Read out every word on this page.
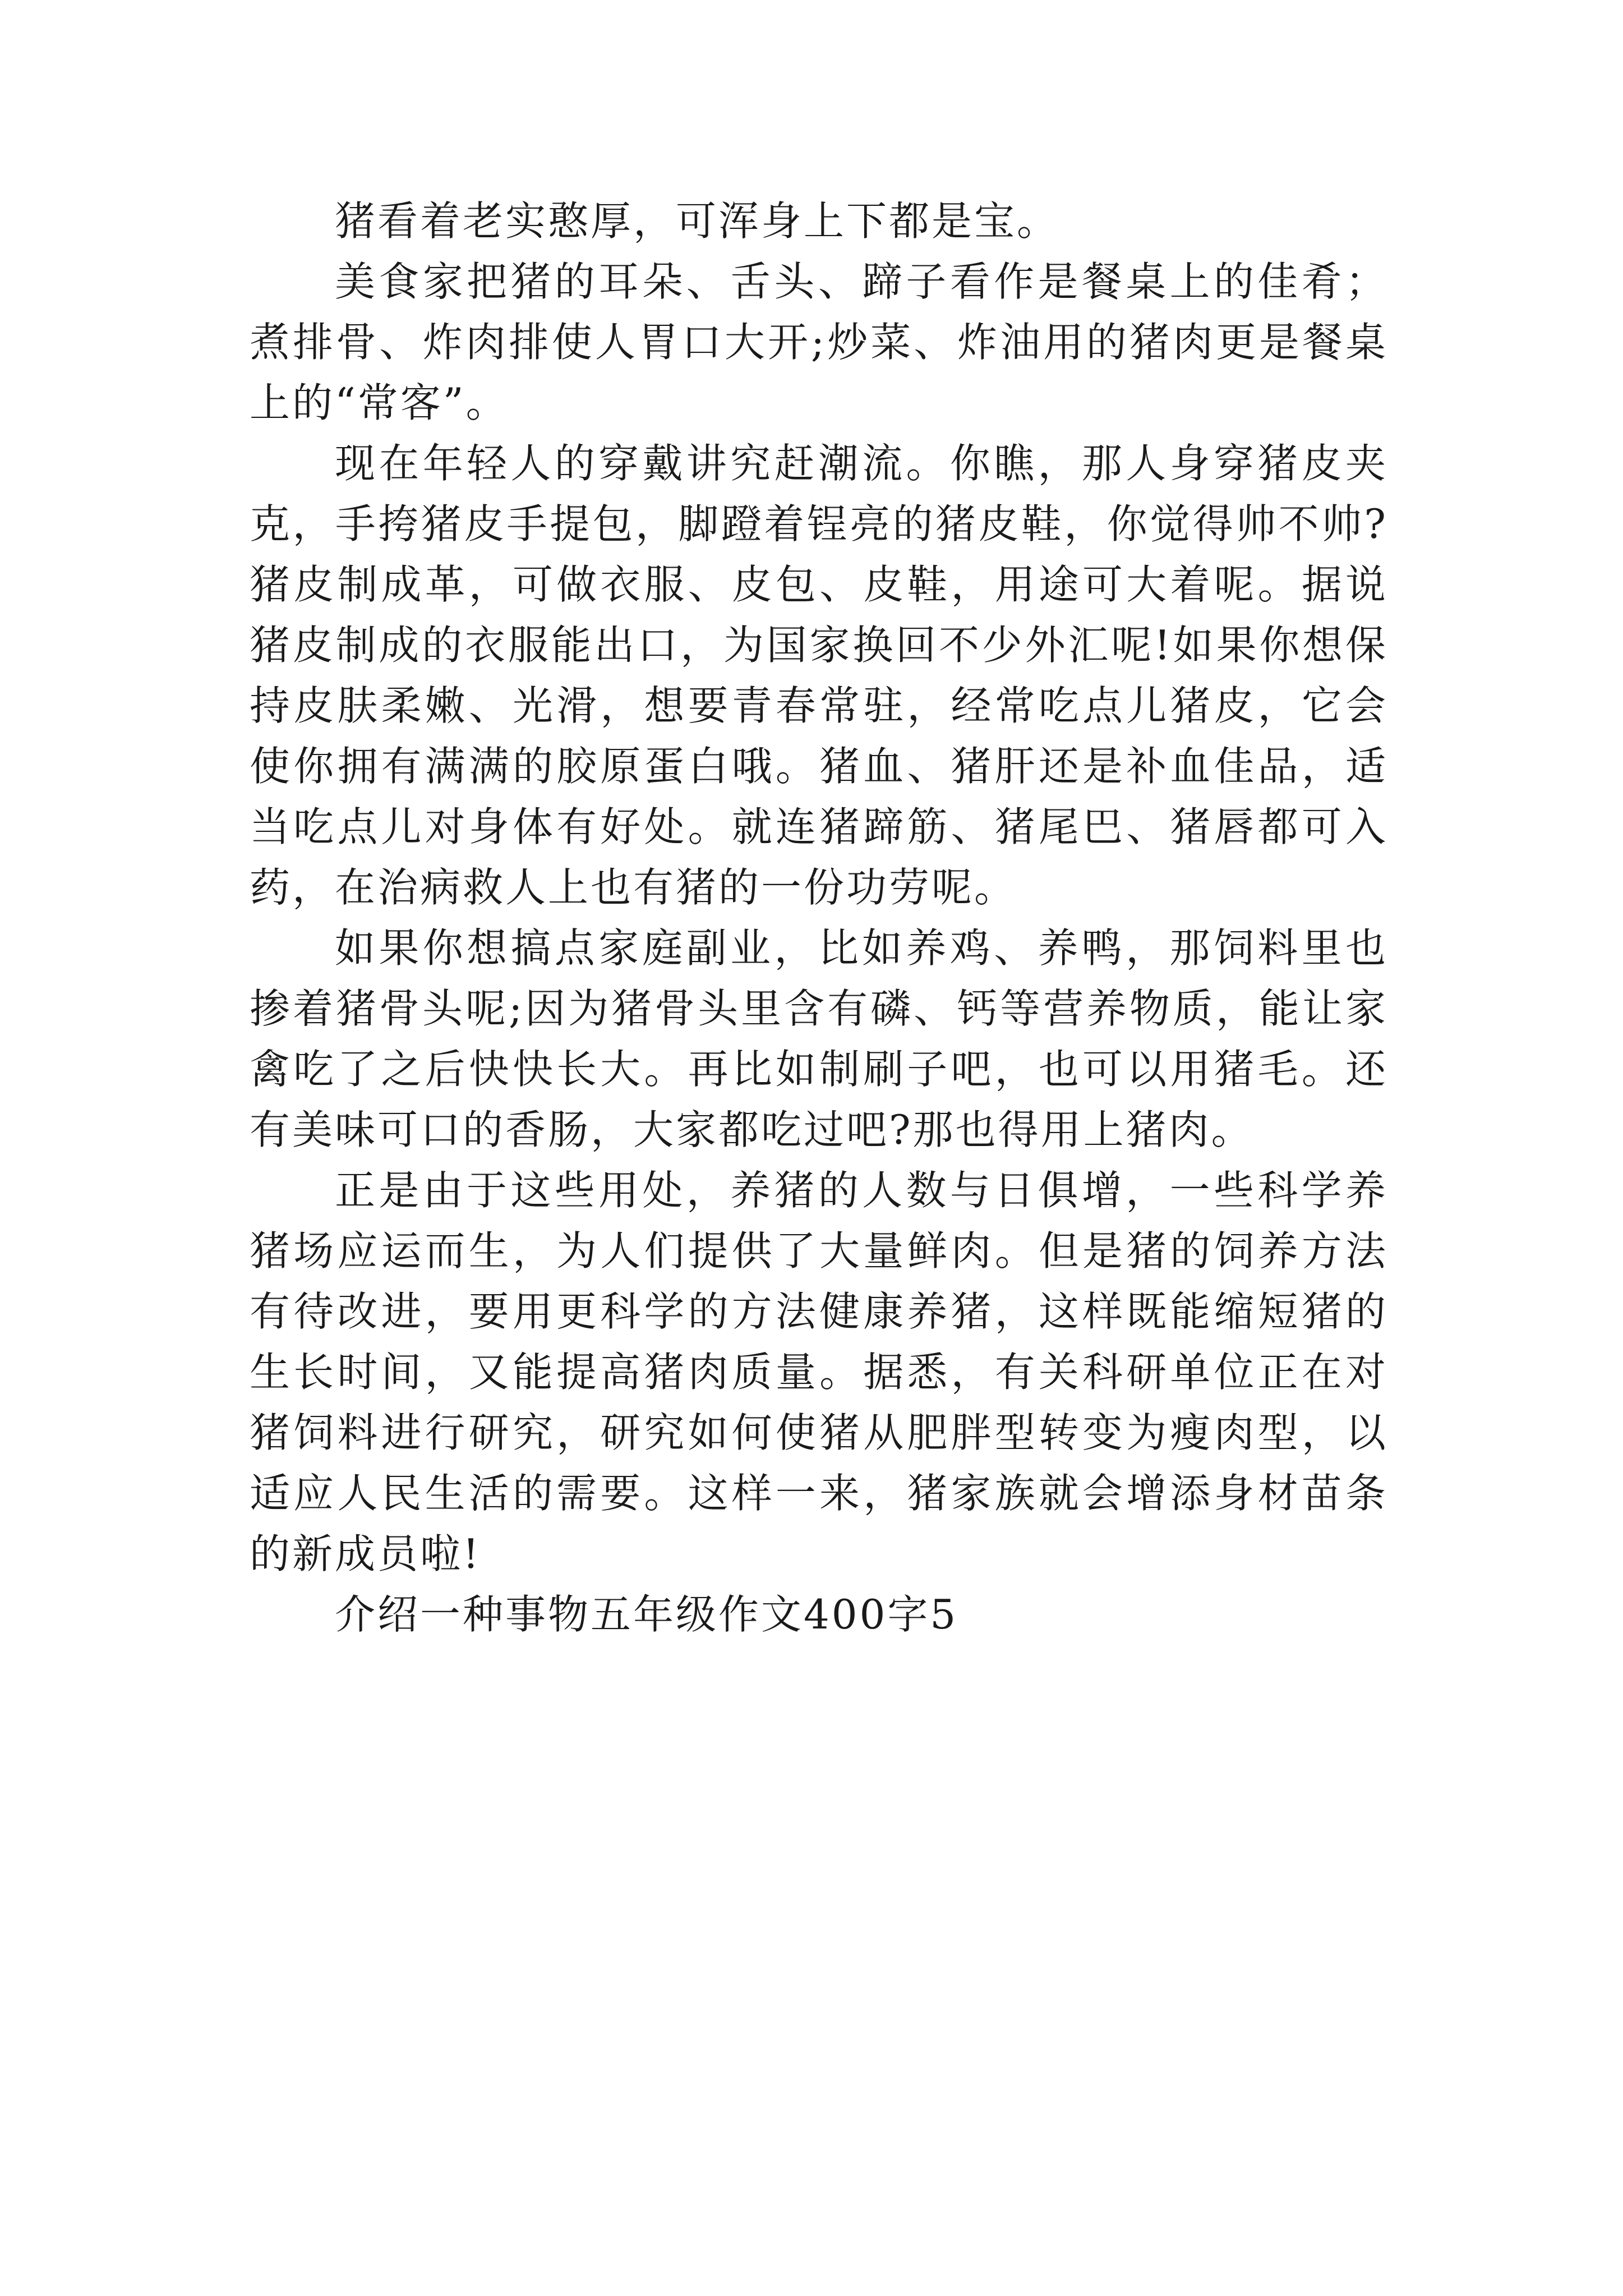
猪看着老实憨厚，可浑身上下都是宝。

美食家把猪的耳朵、舌头、蹄子看作是餐桌上的佳肴；煮排骨、炸肉排使人胃口大开;炒菜、炸油用的猪肉更是餐桌上的“常客”。

现在年轻人的穿戴讲究赶潮流。你瞧，那人身穿猪皮夹克，手挎猪皮手提包，脚蹬着锃亮的猪皮鞋，你觉得帅不帅?猪皮制成革，可做衣服、皮包、皮鞋，用途可大着呢。据说猪皮制成的衣服能出口，为国家换回不少外汇呢!如果你想保持皮肤柔嫩、光滑，想要青春常驻，经常吃点儿猪皮，它会使你拥有满满的胶原蛋白哦。猪血、猪肝还是补血佳品，适当吃点儿对身体有好处。就连猪蹄筋、猪尾巴、猪唇都可入药，在治病救人上也有猪的一份功劳呢。

如果你想搞点家庭副业，比如养鸡、养鸭，那饲料里也掺着猪骨头呢;因为猪骨头里含有磷、钙等营养物质，能让家禽吃了之后快快长大。再比如制刷子吧，也可以用猪毛。还有美味可口的香肠，大家都吃过吧?那也得用上猪肉。

正是由于这些用处，养猪的人数与日俱增，一些科学养猪场应运而生，为人们提供了大量鲜肉。但是猪的饲养方法有待改进，要用更科学的方法健康养猪，这样既能缩短猪的生长时间，又能提高猪肉质量。据悉，有关科研单位正在对猪饲料进行研究，研究如何使猪从肥胖型转变为瘦肉型，以适应人民生活的需要。这样一来，猪家族就会增添身材苗条的新成员啦!

介绍一种事物五年级作文400字5
